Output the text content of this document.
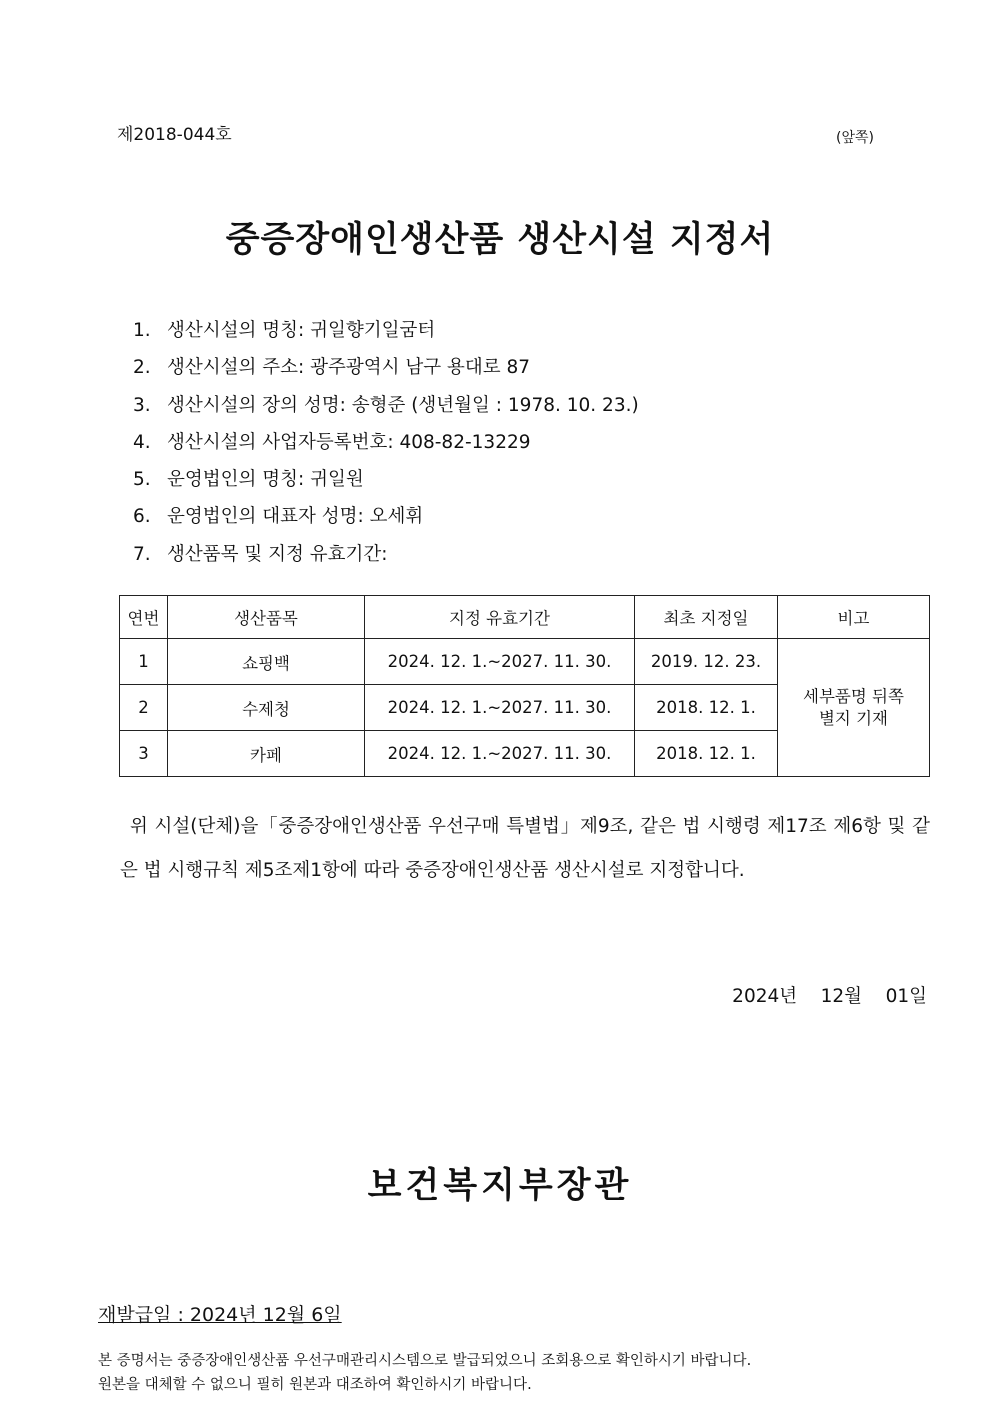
제2018-044호	(앞쪽)
중증장애인생산품 생산시설 지정서
1. 생산시설의 명칭: 귀일향기일굼터
2. 생산시설의 주소: 광주광역시 남구 용대로 87
3. 생산시설의 장의 성명: 송형준 (생년월일 : 1978. 10. 23.)
4. 생산시설의 사업자등록번호: 408-82-13229
5. 운영법인의 명칭: 귀일원
6. 운영법인의 대표자 성명: 오세휘
7. 생산품목 및 지정 유효기간:
연번	생산품목	지정 유효기간	최초 지정일	비고
1	쇼핑백	2024. 12. 1.~2027. 11. 30.	2019. 12. 23.	세부품명 뒤쪽
별지 기재

2	수제청	2024. 12. 1.~2027. 11. 30.	2018. 12. 1.	
3	카페	2024. 12. 1.~2027. 11. 30.	2018. 12. 1.	
위 시설(단체)을「중증장애인생산품 우선구매 특별법」제9조, 같은 법 시행령 제17조 제6항 및 같은 법 시행규칙 제5조제1항에 따라 중증장애인생산품 생산시설로 지정합니다.
2024년    12월    01일
보건복지부장관
재발급일 : 2024년 12월 6일
본 증명서는 중증장애인생산품 우선구매관리시스템으로 발급되었으니 조회용으로 확인하시기 바랍니다.
원본을 대체할 수 없으니 필히 원본과 대조하여 확인하시기 바랍니다.
